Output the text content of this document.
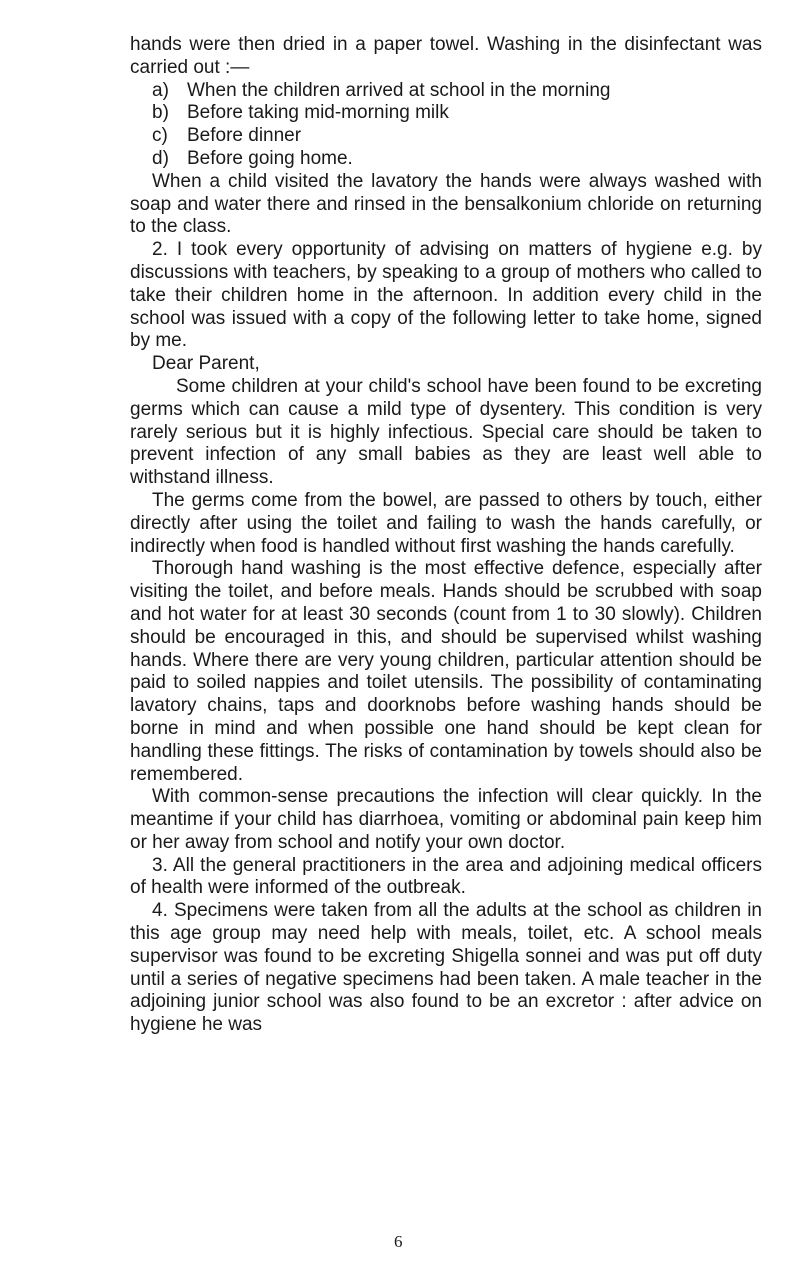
hands were then dried in a paper towel. Washing in the disinfectant was carried out :—

a) When the children arrived at school in the morning
b) Before taking mid-morning milk
c) Before dinner
d) Before going home.

When a child visited the lavatory the hands were always washed with soap and water there and rinsed in the bensalkonium chloride on returning to the class.

2. I took every opportunity of advising on matters of hygiene e.g. by discussions with teachers, by speaking to a group of mothers who called to take their children home in the afternoon. In addition every child in the school was issued with a copy of the following letter to take home, signed by me.

Dear Parent,

Some children at your child's school have been found to be excreting germs which can cause a mild type of dysentery. This condition is very rarely serious but it is highly infectious. Special care should be taken to prevent infection of any small babies as they are least well able to withstand illness.

The germs come from the bowel, are passed to others by touch, either directly after using the toilet and failing to wash the hands carefully, or indirectly when food is handled without first washing the hands carefully.

Thorough hand washing is the most effective defence, especially after visiting the toilet, and before meals. Hands should be scrubbed with soap and hot water for at least 30 seconds (count from 1 to 30 slowly). Children should be encouraged in this, and should be supervised whilst washing hands. Where there are very young children, particular attention should be paid to soiled nappies and toilet utensils. The possibility of contaminating lavatory chains, taps and doorknobs before washing hands should be borne in mind and when possible one hand should be kept clean for handling these fittings. The risks of contamination by towels should also be remembered.

With common-sense precautions the infection will clear quickly. In the meantime if your child has diarrhoea, vomiting or abdominal pain keep him or her away from school and notify your own doctor.

3. All the general practitioners in the area and adjoining medical officers of health were informed of the outbreak.

4. Specimens were taken from all the adults at the school as children in this age group may need help with meals, toilet, etc. A school meals supervisor was found to be excreting Shigella sonnei and was put off duty until a series of negative specimens had been taken. A male teacher in the adjoining junior school was also found to be an excretor : after advice on hygiene he was

6
